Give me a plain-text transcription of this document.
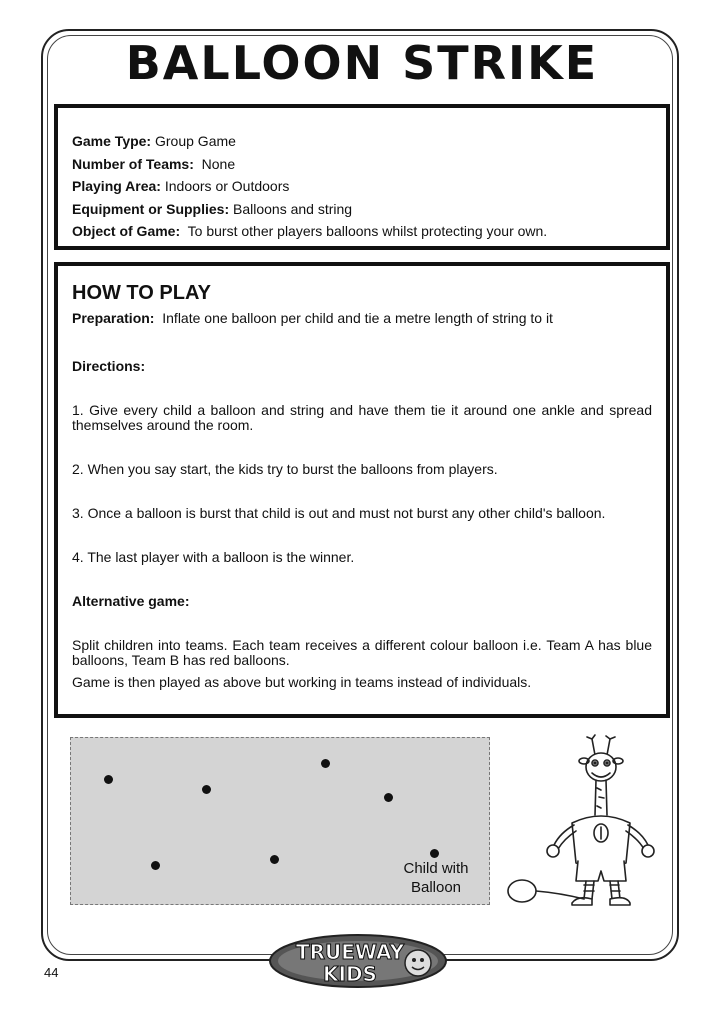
BALLOON STRIKE
Game Type: Group Game
Number of Teams: None
Playing Area: Indoors or Outdoors
Equipment or Supplies: Balloons and string
Object of Game: To burst other players balloons whilst protecting your own.
HOW TO PLAY

Preparation: Inflate one balloon per child and tie a metre length of string to it

Directions:

1. Give every child a balloon and string and have them tie it around one ankle and spread themselves around the room.

2. When you say start, the kids try to burst the balloons from players.

3. Once a balloon is burst that child is out and must not burst any other child's balloon.

4. The last player with a balloon is the winner.

Alternative game:

Split children into teams. Each team receives a different colour balloon i.e. Team A has blue balloons, Team B has red balloons.

Game is then played as above but working in teams instead of individuals.

Child with
Balloon
TRUEWAY
KIDS
44
